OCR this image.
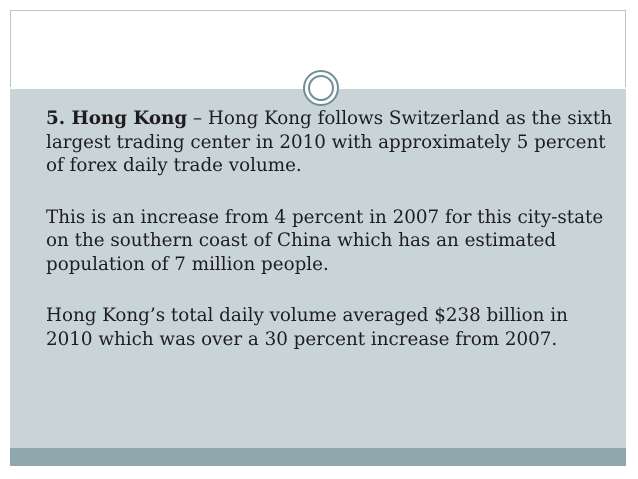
5. Hong Kong – Hong Kong follows Switzerland as the sixth largest trading center in 2010 with approximately 5 percent of forex daily trade volume.
This is an increase from 4 percent in 2007 for this city-state on the southern coast of China which has an estimated population of 7 million people.
Hong Kong’s total daily volume averaged $238 billion in 2010 which was over a 30 percent increase from 2007.
